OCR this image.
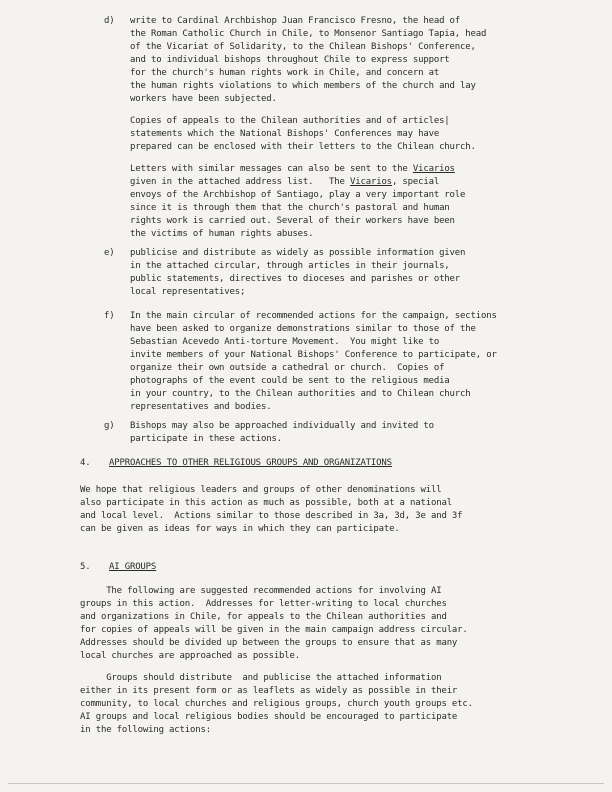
d) write to Cardinal Archbishop Juan Francisco Fresno, the head of
the Roman Catholic Church in Chile, to Monsenor Santiago Tapia, head
of the Vicariat of Solidarity, to the Chilean Bishops' Conference,
and to individual bishops throughout Chile to express support
for the church's human rights work in Chile, and concern at
the human rights violations to which members of the church and lay
workers have been subjected.
Copies of appeals to the Chilean authorities and of articles|
statements which the National Bishops' Conferences may have
prepared can be enclosed with their letters to the Chilean church.
Letters with similar messages can also be sent to the Vicarios
given in the attached address list.   The Vicarios, special
envoys of the Archbishop of Santiago, play a very important role
since it is through them that the church's pastoral and human
rights work is carried out. Several of their workers have been
the victims of human rights abuses.
e) publicise and distribute as widely as possible information given
in the attached circular, through articles in their journals,
public statements, directives to dioceses and parishes or other
local representatives;
f) In the main circular of recommended actions for the campaign, sections
have been asked to organize demonstrations similar to those of the
Sebastian Acevedo Anti-torture Movement.  You might like to
invite members of your National Bishops' Conference to participate, or
organize their own outside a cathedral or church.  Copies of
photographs of the event could be sent to the religious media
in your country, to the Chilean authorities and to Chilean church
representatives and bodies.
g) Bishops may also be approached individually and invited to
participate in these actions.
4. APPROACHES TO OTHER RELIGIOUS GROUPS AND ORGANIZATIONS
We hope that religious leaders and groups of other denominations will
also participate in this action as much as possible, both at a national
and local level.  Actions similar to those described in 3a, 3d, 3e and 3f
can be given as ideas for ways in which they can participate.
5. AI GROUPS
The following are suggested recommended actions for involving AI
groups in this action.  Addresses for letter-writing to local churches
and organizations in Chile, for appeals to the Chilean authorities and
for copies of appeals will be given in the main campaign address circular.
Addresses should be divided up between the groups to ensure that as many
local churches are approached as possible.
Groups should distribute  and publicise the attached information
either in its present form or as leaflets as widely as possible in their
community, to local churches and religious groups, church youth groups etc.
AI groups and local religious bodies should be encouraged to participate
in the following actions:
